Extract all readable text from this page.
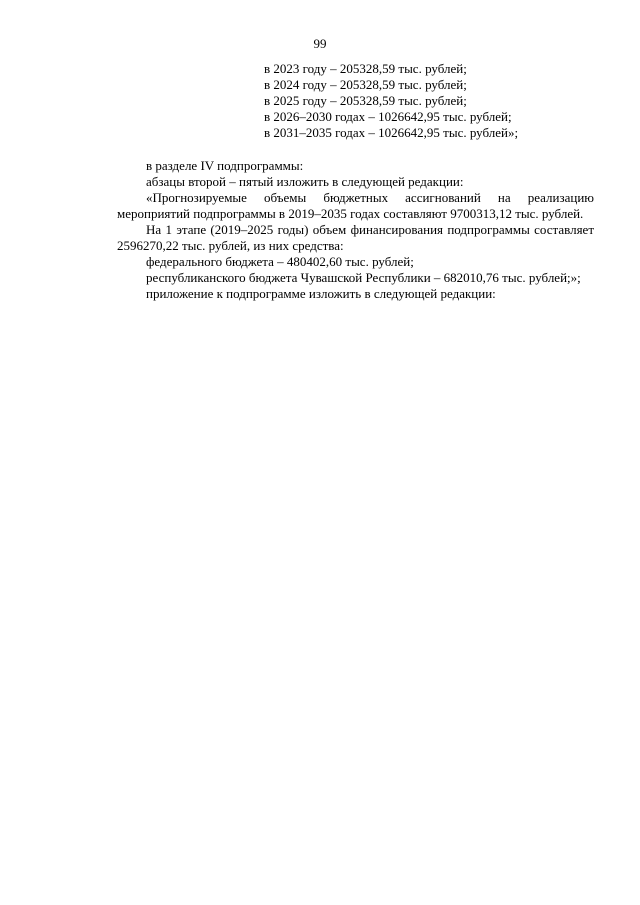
99
в 2023 году – 205328,59 тыс. рублей;
в 2024 году – 205328,59 тыс. рублей;
в 2025 году – 205328,59 тыс. рублей;
в 2026–2030 годах – 1026642,95 тыс. рублей;
в 2031–2035 годах – 1026642,95 тыс. рублей»;

в разделе IV подпрограммы:

абзацы второй – пятый изложить в следующей редакции:

«Прогнозируемые объемы бюджетных ассигнований на реализацию мероприятий подпрограммы в 2019–2035 годах составляют 9700313,12 тыс. рублей.

На 1 этапе (2019–2025 годы) объем финансирования подпрограммы составляет 2596270,22 тыс. рублей, из них средства:

федерального бюджета – 480402,60 тыс. рублей;

республиканского бюджета Чувашской Республики – 682010,76 тыс. рублей;»;

приложение к подпрограмме изложить в следующей редакции:
